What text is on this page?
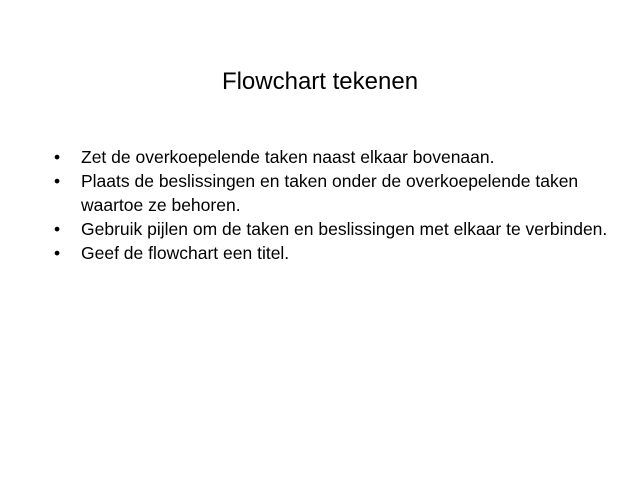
Flowchart tekenen
•	Zet de overkoepelende taken naast elkaar bovenaan.
•	Plaats de beslissingen en taken onder de overkoepelende taken waartoe ze behoren.
•	Gebruik pijlen om de taken en beslissingen met elkaar te verbinden.
•	Geef de flowchart een titel.
